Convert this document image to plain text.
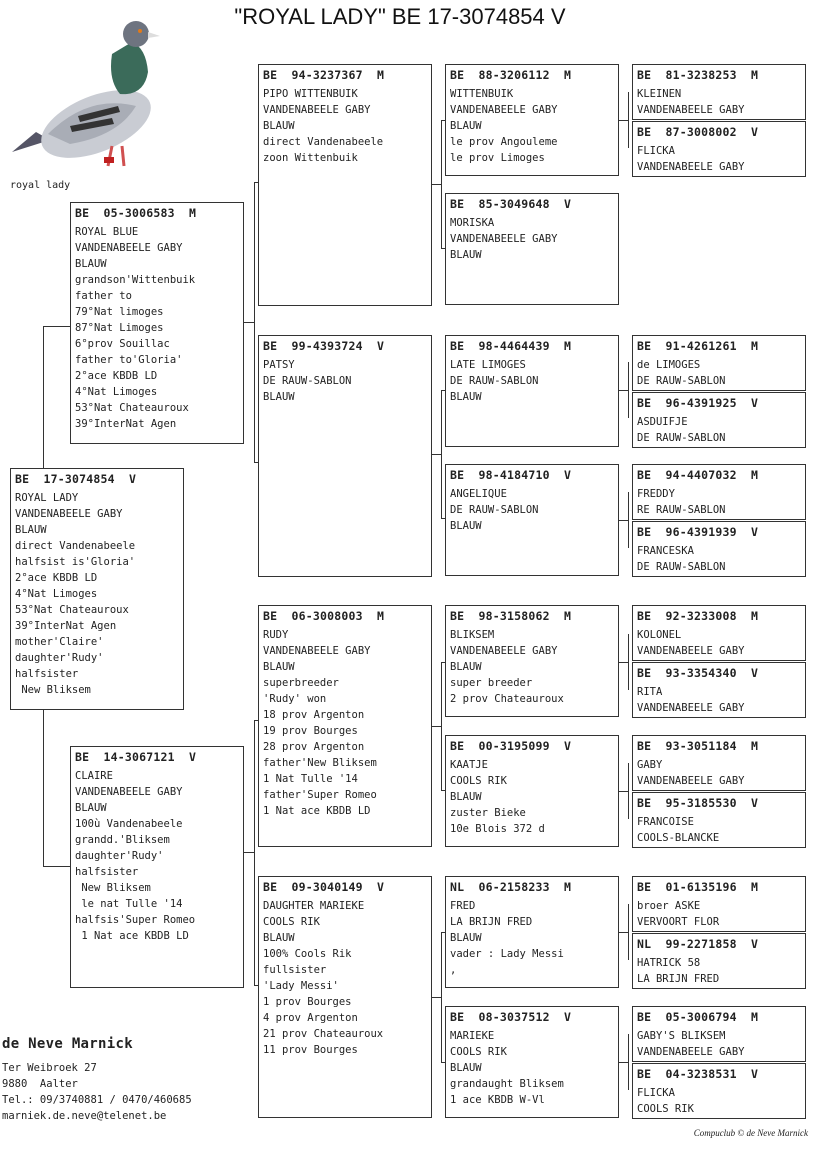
"ROYAL LADY" BE 17-3074854 V
royal lady
BE  17-3074854  V
ROYAL LADY
VANDENABEELE GABY
BLAUW
direct Vandenabeele
halfsist is'Gloria'
2°ace KBDB LD
4°Nat Limoges
53°Nat Chateauroux
39°InterNat Agen
mother'Claire'
daughter'Rudy'
halfsister
New Bliksem
BE  05-3006583  M
ROYAL BLUE
VANDENABEELE GABY
BLAUW
grandson'Wittenbuik
father to
79°Nat limoges
87°Nat Limoges
6°prov Souillac
father to'Gloria'
2°ace KBDB LD
4°Nat Limoges
53°Nat Chateauroux
39°InterNat Agen
BE  14-3067121  V
CLAIRE
VANDENABEELE GABY
BLAUW
100ù Vandenabeele
grandd.'Bliksem
daughter'Rudy'
halfsister
New Bliksem
le nat Tulle '14
halfsis'Super Romeo
1 Nat ace KBDB LD
BE  94-3237367  M
PIPO WITTENBUIK
VANDENABEELE GABY
BLAUW
direct Vandenabeele
zoon Wittenbuik
BE  99-4393724  V
PATSY
DE RAUW-SABLON
BLAUW
BE  06-3008003  M
RUDY
VANDENABEELE GABY
BLAUW
superbreeder
'Rudy' won
18 prov Argenton
19 prov Bourges
28 prov Argenton
father'New Bliksem
1 Nat Tulle '14
father'Super Romeo
1 Nat ace KBDB LD
BE  09-3040149  V
DAUGHTER MARIEKE
COOLS RIK
BLAUW
100% Cools Rik
fullsister
'Lady Messi'
1 prov Bourges
4 prov Argenton
21 prov Chateauroux
11 prov Bourges
BE  88-3206112  M
WITTENBUIK
VANDENABEELE GABY
BLAUW
le prov Angouleme
le prov Limoges
BE  85-3049648  V
MORISKA
VANDENABEELE GABY
BLAUW
BE  98-4464439  M
LATE LIMOGES
DE RAUW-SABLON
BLAUW
BE  98-4184710  V
ANGELIQUE
DE RAUW-SABLON
BLAUW
BE  98-3158062  M
BLIKSEM
VANDENABEELE GABY
BLAUW
super breeder
2 prov Chateauroux
BE  00-3195099  V
KAATJE
COOLS RIK
BLAUW
zuster Bieke
10e Blois 372 d
NL  06-2158233  M
FRED
LA BRIJN FRED
BLAUW
vader : Lady Messi
,
BE  08-3037512  V
MARIEKE
COOLS RIK
BLAUW
grandaught Bliksem
1 ace KBDB W-Vl
BE  81-3238253  M
KLEINEN
VANDENABEELE GABY
BE  87-3008002  V
FLICKA
VANDENABEELE GABY
BE  91-4261261  M
de LIMOGES
DE RAUW-SABLON
BE  96-4391925  V
ASDUIFJE
DE RAUW-SABLON
BE  94-4407032  M
FREDDY
RE RAUW-SABLON
BE  96-4391939  V
FRANCESKA
DE RAUW-SABLON
BE  92-3233008  M
KOLONEL
VANDENABEELE GABY
BE  93-3354340  V
RITA
VANDENABEELE GABY
BE  93-3051184  M
GABY
VANDENABEELE GABY
BE  95-3185530  V
FRANCOISE
COOLS-BLANCKE
BE  01-6135196  M
broer ASKE
VERVOORT FLOR
NL  99-2271858  V
HATRICK 58
LA BRIJN FRED
BE  05-3006794  M
GABY'S BLIKSEM
VANDENABEELE GABY
BE  04-3238531  V
FLICKA
COOLS RIK
de Neve Marnick
Ter Weibroek 27
9880  Aalter
Tel.: 09/3740881 / 0470/460685
marniek.de.neve@telenet.be
Compuclub © de Neve Marnick
